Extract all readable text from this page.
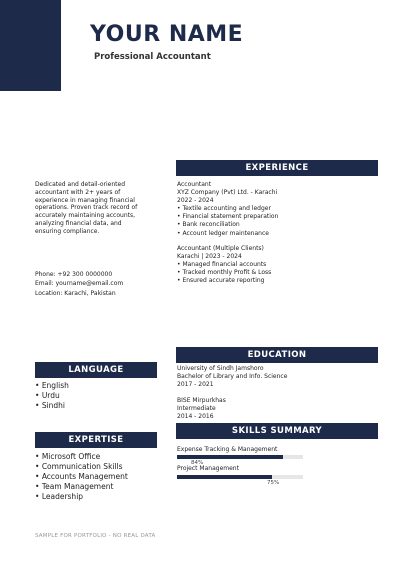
YOUR NAME
Professional Accountant
Dedicated and detail-oriented
accountant with 2+ years of
experience in managing financial
operations. Proven track record of
accurately maintaining accounts,
analyzing financial data, and
ensuring compliance.
Phone: +92 300 0000000
Email: yourname@email.com
Location: Karachi, Pakistan
EXPERIENCE
Accountant
XYZ Company (Pvt) Ltd. - Karachi
2022 - 2024
• Textile accounting and ledger
• Financial statement preparation
• Bank reconciliation
• Account ledger maintenance
Accountant (Multiple Clients)
Karachi | 2023 - 2024
• Managed financial accounts
• Tracked monthly Profit & Loss
• Ensured accurate reporting
EDUCATION
University of Sindh Jamshoro
Bachelor of Library and Info. Science
2017 - 2021
BISE Mirpurkhas
Intermediate
2014 - 2016
SKILLS SUMMARY
Expense Tracking & Management
84%
Project Management
75%
LANGUAGE
• English
• Urdu
• Sindhi
EXPERTISE
• Microsoft Office
• Communication Skills
• Accounts Management
• Team Management
• Leadership
SAMPLE FOR PORTFOLIO - NO REAL DATA
